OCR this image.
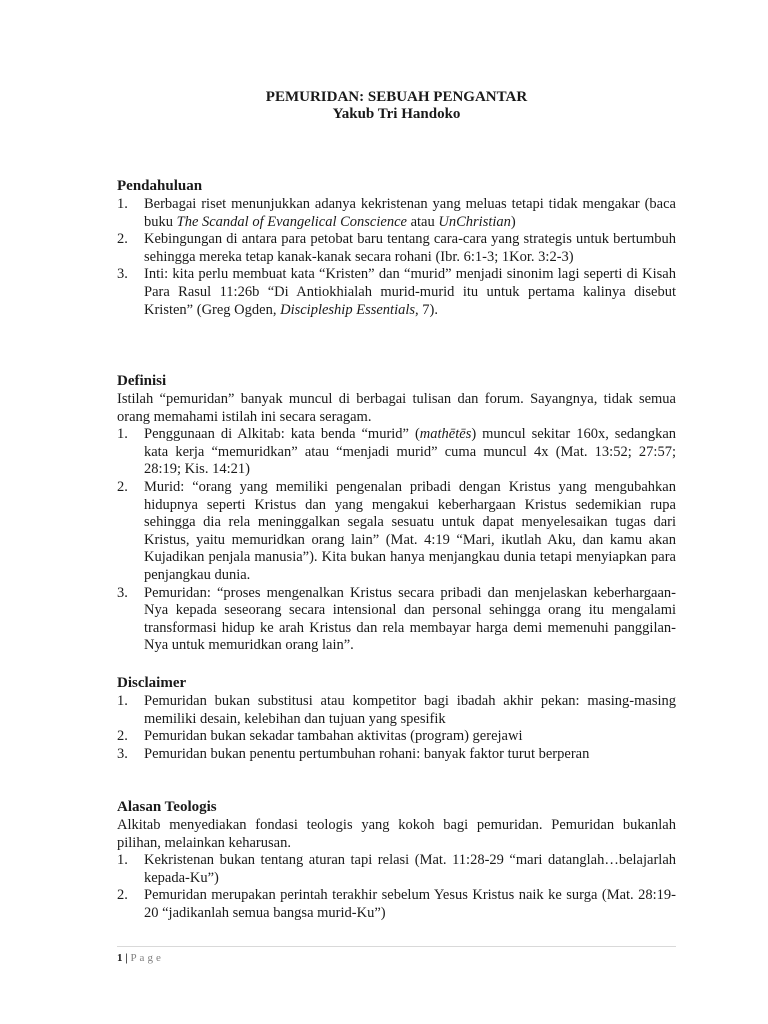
PEMURIDAN: SEBUAH PENGANTAR
Yakub Tri Handoko
Pendahuluan
1. Berbagai riset menunjukkan adanya kekristenan yang meluas tetapi tidak mengakar (baca buku The Scandal of Evangelical Conscience atau UnChristian)
2. Kebingungan di antara para petobat baru tentang cara-cara yang strategis untuk bertumbuh sehingga mereka tetap kanak-kanak secara rohani (Ibr. 6:1-3; 1Kor. 3:2-3)
3. Inti: kita perlu membuat kata “Kristen” dan “murid” menjadi sinonim lagi seperti di Kisah Para Rasul 11:26b “Di Antiokhialah murid-murid itu untuk pertama kalinya disebut Kristen” (Greg Ogden, Discipleship Essentials, 7).
Definisi

Istilah “pemuridan” banyak muncul di berbagai tulisan dan forum. Sayangnya, tidak semua orang memahami istilah ini secara seragam.

1. Penggunaan di Alkitab: kata benda “murid” (mathētēs) muncul sekitar 160x, sedangkan kata kerja “memuridkan” atau “menjadi murid” cuma muncul 4x (Mat. 13:52; 27:57; 28:19; Kis. 14:21)
2. Murid: “orang yang memiliki pengenalan pribadi dengan Kristus yang mengubahkan hidupnya seperti Kristus dan yang mengakui keberhargaan Kristus sedemikian rupa sehingga dia rela meninggalkan segala sesuatu untuk dapat menyelesaikan tugas dari Kristus, yaitu memuridkan orang lain” (Mat. 4:19 “Mari, ikutlah Aku, dan kamu akan Kujadikan penjala manusia”). Kita bukan hanya menjangkau dunia tetapi menyiapkan para penjangkau dunia.
3. Pemuridan: “proses mengenalkan Kristus secara pribadi dan menjelaskan keberhargaan-Nya kepada seseorang secara intensional dan personal sehingga orang itu mengalami transformasi hidup ke arah Kristus dan rela membayar harga demi memenuhi panggilan-Nya untuk memuridkan orang lain”.
Disclaimer
1. Pemuridan bukan substitusi atau kompetitor bagi ibadah akhir pekan: masing-masing memiliki desain, kelebihan dan tujuan yang spesifik
2. Pemuridan bukan sekadar tambahan aktivitas (program) gerejawi
3. Pemuridan bukan penentu pertumbuhan rohani: banyak faktor turut berperan
Alasan Teologis

Alkitab menyediakan fondasi teologis yang kokoh bagi pemuridan. Pemuridan bukanlah pilihan, melainkan keharusan.

1. Kekristenan bukan tentang aturan tapi relasi (Mat. 11:28-29 “mari datanglah…belajarlah kepada-Ku”)
2. Pemuridan merupakan perintah terakhir sebelum Yesus Kristus naik ke surga (Mat. 28:19-20 “jadikanlah semua bangsa murid-Ku”)
1 | Page
